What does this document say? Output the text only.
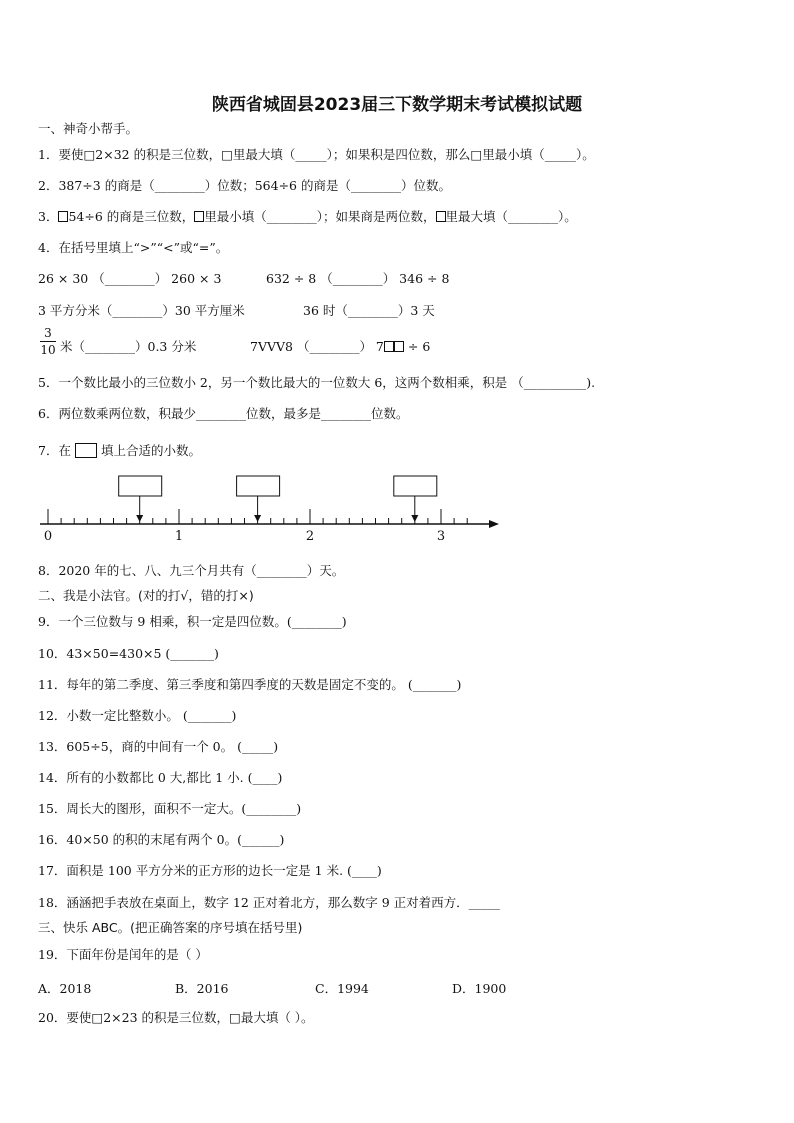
陕西省城固县2023届三下数学期末考试模拟试题
一、神奇小帮手。
1．要使□2×32 的积是三位数，□里最大填（_____）；如果积是四位数，那么□里最小填（_____）。
2．387÷3 的商是（________）位数；564÷6 的商是（________）位数。
3． 54÷6 的商是三位数， 里最小填（________）；如果商是两位数， 里最大填（________）。
4．在括号里填上“>”“<”或“=”。
26 × 30 （________） 260 × 3	632 ÷ 8 （________） 346 ÷ 8
3 平方分米（________）30 平方厘米	36 时（________）3 天
3
10 米（________）0.3 分米	7VVV8 （________） 7 ÷ 6
5．一个数比最小的三位数小 2，另一个数比最大的一位数大 6，这两个数相乘，积是 （__________).
6．两位数乘两位数，积最少________位数，最多是________位数。
7．在 填上合适的小数。
0	1	2	3
8．2020 年的七、八、九三个月共有（________）天。
二、我是小法官。(对的打√，错的打×)
9．一个三位数与 9 相乘，积一定是四位数。(________)
10．43×50=430×5 (_______)
11．每年的第二季度、第三季度和第四季度的天数是固定不变的。 (_______)
12．小数一定比整数小。 (_______)
13．605÷5，商的中间有一个 0。 (_____)
14．所有的小数都比 0 大,都比 1 小. (____)
15．周长大的图形，面积不一定大。(________)
16．40×50 的积的末尾有两个 0。(______)
17．面积是 100 平方分米的正方形的边长一定是 1 米. (____)
18．涵涵把手表放在桌面上，数字 12 正对着北方，那么数字 9 正对着西方．_____
三、快乐 ABC。(把正确答案的序号填在括号里)
19．下面年份是闰年的是（ ）
A．2018	B．2016	C．1994	D．1900
20．要使□2×23 的积是三位数，□最大填（ ）。
